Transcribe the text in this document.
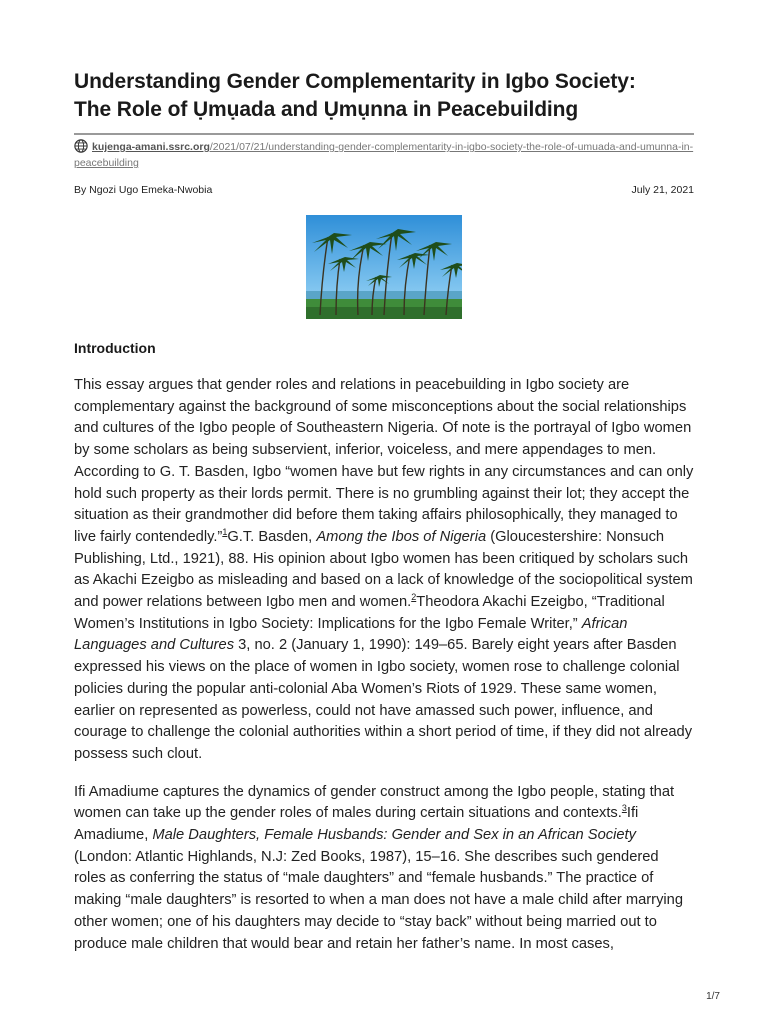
Understanding Gender Complementarity in Igbo Society:
The Role of Ụmụada and Ụmụnna in Peacebuilding
kujenga-amani.ssrc.org/2021/07/21/understanding-gender-complementarity-in-igbo-society-the-role-of-umuada-and-umunna-in-peacebuilding
By Ngozi Ugo Emeka-Nwobia	July 21, 2021
Introduction

This essay argues that gender roles and relations in peacebuilding in Igbo society are complementary against the background of some misconceptions about the social relationships and cultures of the Igbo people of Southeastern Nigeria. Of note is the portrayal of Igbo women by some scholars as being subservient, inferior, voiceless, and mere appendages to men. According to G. T. Basden, Igbo “women have but few rights in any circumstances and can only hold such property as their lords permit. There is no grumbling against their lot; they accept the situation as their grandmother did before them taking affairs philosophically, they managed to live fairly contendedly.”$^1$G.T. Basden, Among the Ibos of Nigeria (Gloucestershire: Nonsuch Publishing, Ltd., 1921), 88. His opinion about Igbo women has been critiqued by scholars such as Akachi Ezeigbo as misleading and based on a lack of knowledge of the sociopolitical system and power relations between Igbo men and women.$^2$Theodora Akachi Ezeigbo, “Traditional Women’s Institutions in Igbo Society: Implications for the Igbo Female Writer,” African Languages and Cultures 3, no. 2 (January 1, 1990): 149–65. Barely eight years after Basden expressed his views on the place of women in Igbo society, women rose to challenge colonial policies during the popular anti-colonial Aba Women’s Riots of 1929. These same women, earlier on represented as powerless, could not have amassed such power, influence, and courage to challenge the colonial authorities within a short period of time, if they did not already possess such clout.

Ifi Amadiume captures the dynamics of gender construct among the Igbo people, stating that women can take up the gender roles of males during certain situations and contexts.$^3$Ifi Amadiume, Male Daughters, Female Husbands: Gender and Sex in an African Society (London: Atlantic Highlands, N.J: Zed Books, 1987), 15–16. She describes such gendered roles as conferring the status of “male daughters” and “female husbands.” The practice of making “male daughters” is resorted to when a man does not have a male child after marrying other women; one of his daughters may decide to “stay back” without being married out to produce male children that would bear and retain her father’s name. In most cases,

1/7
